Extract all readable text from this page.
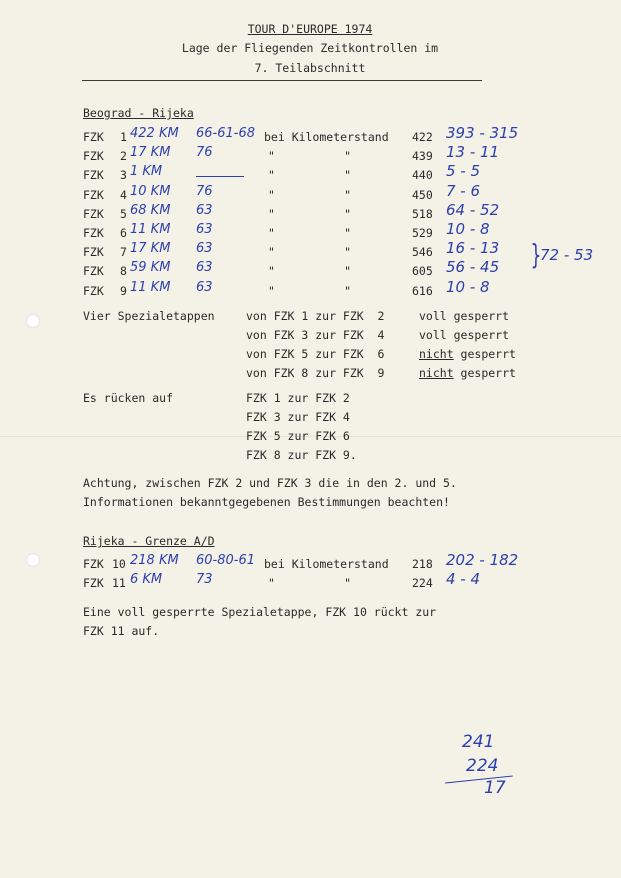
TOUR D'EUROPE 1974
Lage der Fliegenden Zeitkontrollen im
7. Teilabschnitt
Beograd - Rijeka
FZK 1 422 KM 66-61-68 bei Kilometerstand 422 393 - 315
FZK 2 17 KM 76	"          "	439 13 - 11
FZK 3 1 KM	"          "	440 5 - 5
FZK 4 10 KM 76	"          "	450 7 - 6
FZK 5 68 KM 63	"          "	518 64 - 52
FZK 6 11 KM 63	"          "	529 10 - 8
FZK 7 17 KM 63	"          "	546 16 - 13
FZK 8 59 KM 63	"          "	605 56 - 45
FZK 9 11 KM 63	"          "	616 10 - 8
72 - 53
}
Vier Spezialetappen	von FZK 1 zur FZK  2	voll gesperrt
von FZK 3 zur FZK  4	voll gesperrt
von FZK 5 zur FZK  6	nicht gesperrt
von FZK 8 zur FZK  9	nicht gesperrt
Es rücken auf	FZK 1 zur FZK 2
FZK 3 zur FZK 4
FZK 5 zur FZK 6
FZK 8 zur FZK 9.
Achtung, zwischen FZK 2 und FZK 3 die in den 2. und 5.
Informationen bekanntgegebenen Bestimmungen beachten!
Rijeka - Grenze A/D
FZK 10 218 KM 60-80-61 bei Kilometerstand 218 202 - 182
FZK 11 6 KM	73	"          "	224 4 - 4
Eine voll gesperrte Spezialetappe, FZK 10 rückt zur
FZK 11 auf.
241
224
17
